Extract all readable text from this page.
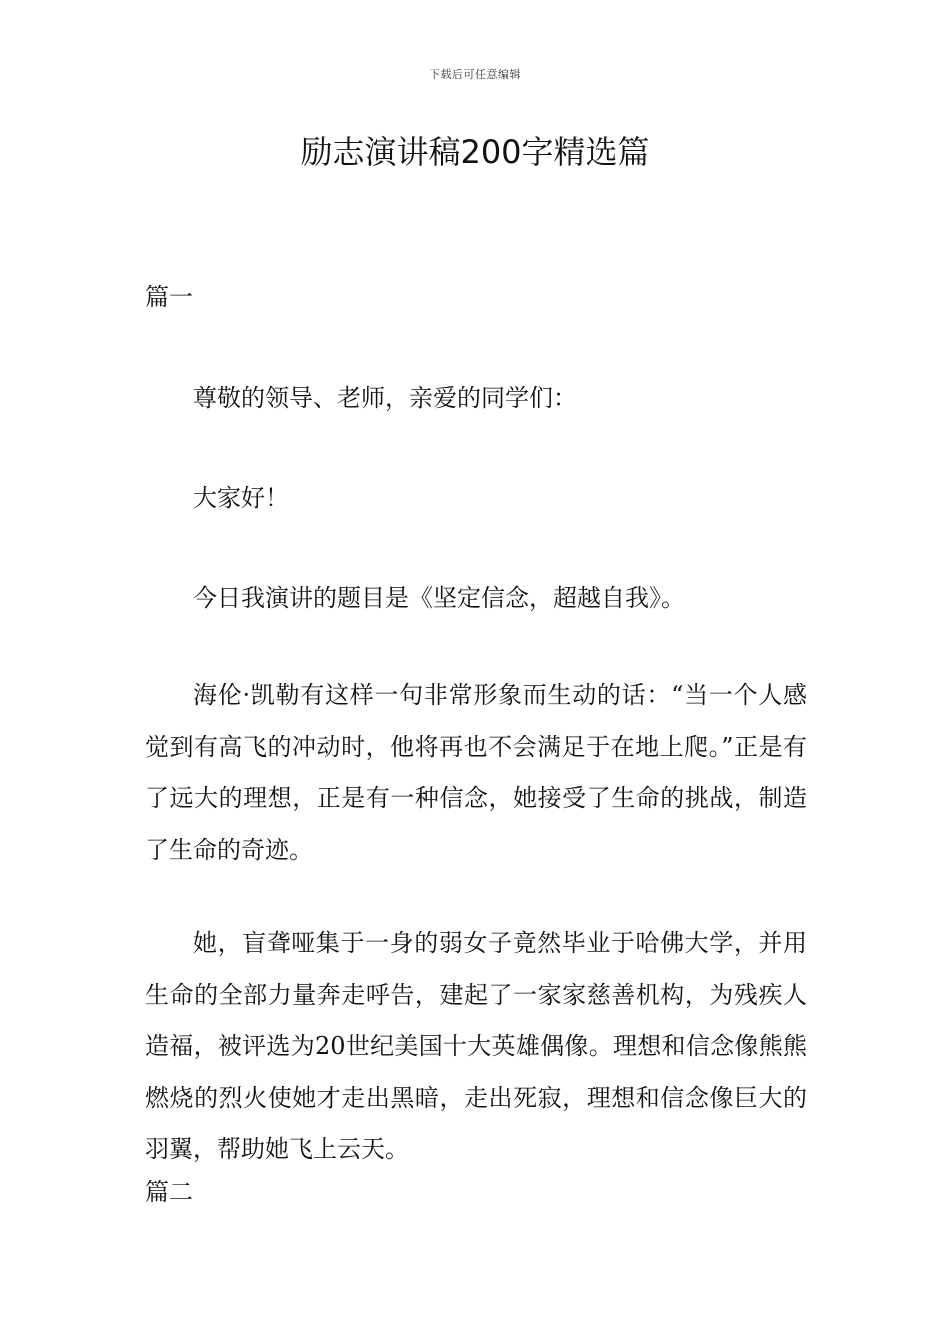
下载后可任意编辑
励志演讲稿200字精选篇

篇一

尊敬的领导、老师，亲爱的同学们：

大家好！

今日我演讲的题目是《坚定信念，超越自我》。

海伦·凯勒有这样一句非常形象而生动的话：“当一个人感觉到有高飞的冲动时，他将再也不会满足于在地上爬。”正是有了远大的理想，正是有一种信念，她接受了生命的挑战，制造了生命的奇迹。

她，盲聋哑集于一身的弱女子竟然毕业于哈佛大学，并用生命的全部力量奔走呼告，建起了一家家慈善机构，为残疾人造福，被评选为20世纪美国十大英雄偶像。理想和信念像熊熊燃烧的烈火使她才走出黑暗，走出死寂，理想和信念像巨大的羽翼，帮助她飞上云天。

篇二
